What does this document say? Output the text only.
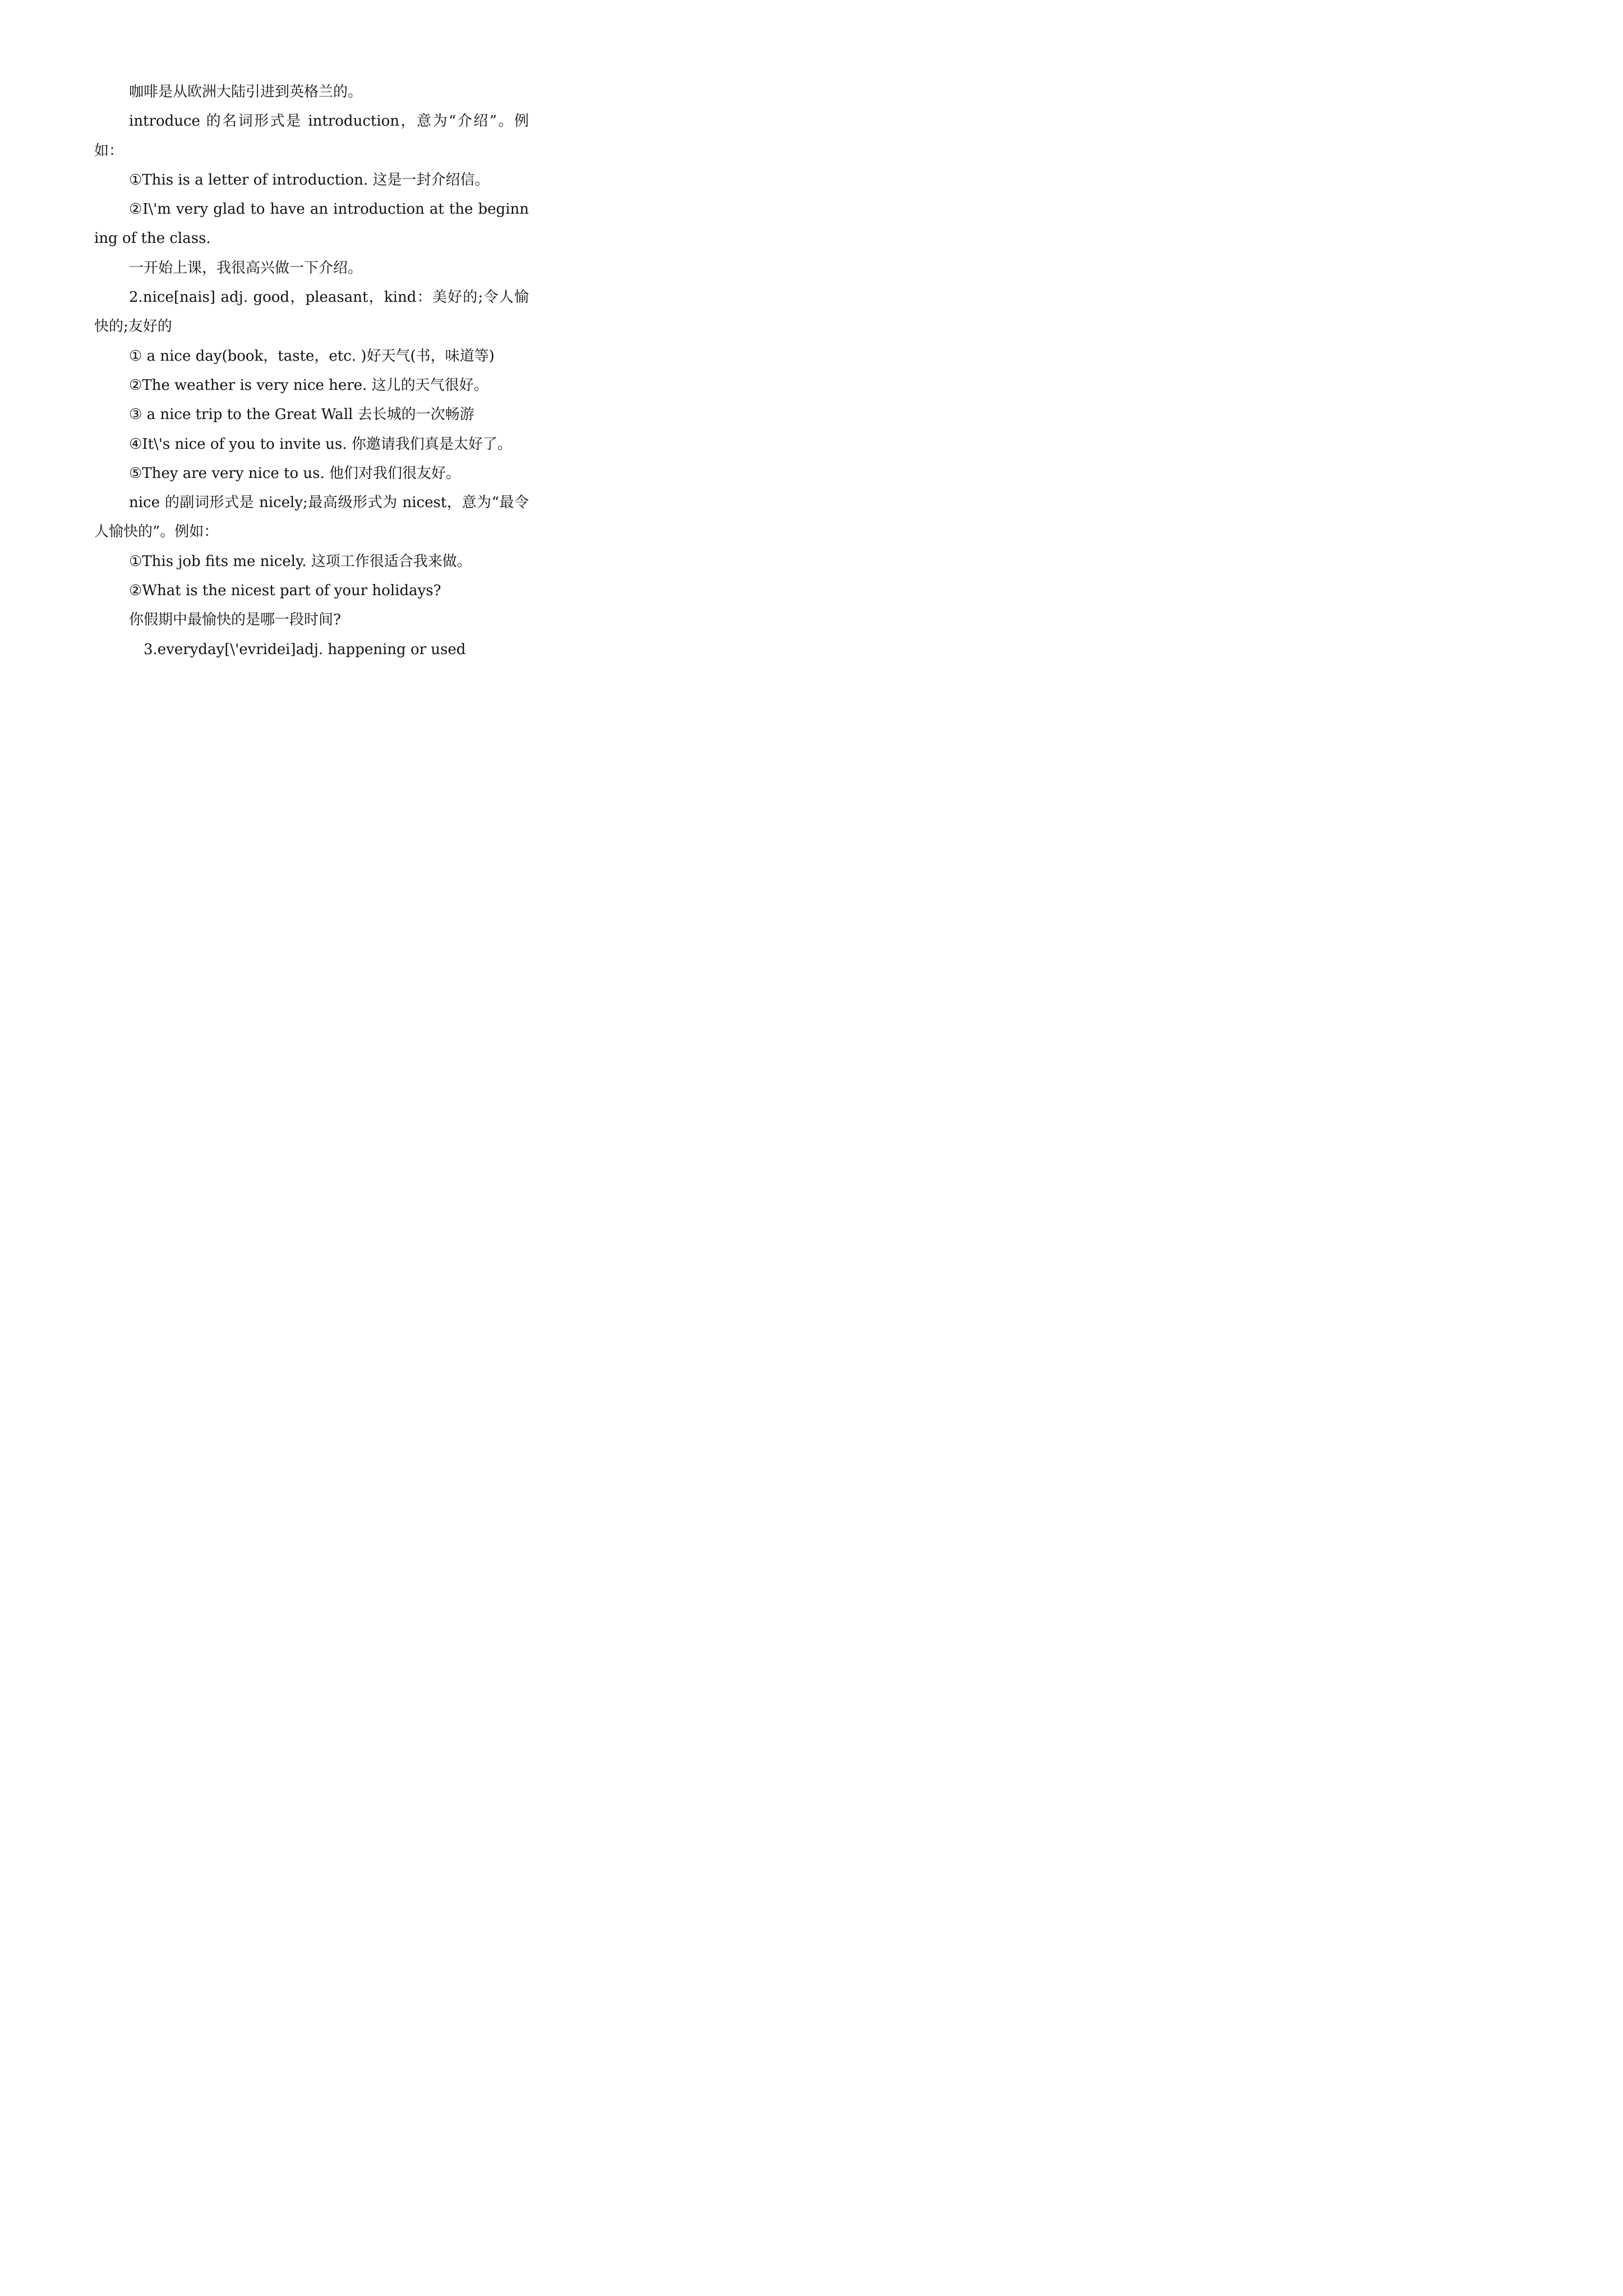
咖啡是从欧洲大陆引进到英格兰的。

introduce 的名词形式是 introduction，意为“介绍”。例如：

①This is a letter of introduction. 这是一封介绍信。

②I\'m very glad to have an introduction at the beginning of the class.

一开始上课，我很高兴做一下介绍。

2.nice[nais] adj. good，pleasant，kind：美好的;令人愉快的;友好的

① a nice day(book，taste，etc. )好天气(书，味道等)

②The weather is very nice here. 这儿的天气很好。

③ a nice trip to the Great Wall 去长城的一次畅游

④It\'s nice of you to invite us. 你邀请我们真是太好了。

⑤They are very nice to us. 他们对我们很友好。

nice 的副词形式是 nicely;最高级形式为 nicest，意为“最令人愉快的”。例如：

①This job fits me nicely. 这项工作很适合我来做。

②What is the nicest part of your holidays?

你假期中最愉快的是哪一段时间?

3.everyday[\'evridei]adj. happening or used
